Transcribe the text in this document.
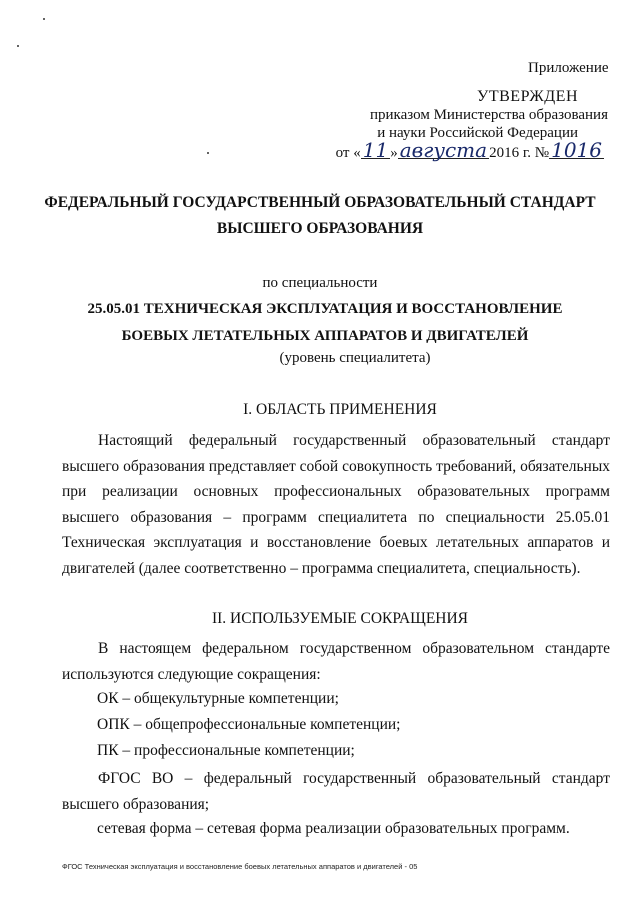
Приложение
УТВЕРЖДЕН
приказом Министерства образования
и науки Российской Федерации
от « 11 » августа 2016 г. № 1016
ФЕДЕРАЛЬНЫЙ ГОСУДАРСТВЕННЫЙ ОБРАЗОВАТЕЛЬНЫЙ СТАНДАРТ
ВЫСШЕГО ОБРАЗОВАНИЯ
по специальности
25.05.01 ТЕХНИЧЕСКАЯ ЭКСПЛУАТАЦИЯ И ВОССТАНОВЛЕНИЕ
БОЕВЫХ ЛЕТАТЕЛЬНЫХ АППАРАТОВ И ДВИГАТЕЛЕЙ
(уровень специалитета)
I. ОБЛАСТЬ ПРИМЕНЕНИЯ
Настоящий федеральный государственный образовательный стандарт высшего образования представляет собой совокупность требований, обязательных при реализации основных профессиональных образовательных программ высшего образования – программ специалитета по специальности 25.05.01 Техническая эксплуатация и восстановление боевых летательных аппаратов и двигателей (далее соответственно – программа специалитета, специальность).
II. ИСПОЛЬЗУЕМЫЕ СОКРАЩЕНИЯ
В настоящем федеральном государственном образовательном стандарте используются следующие сокращения:
ОК – общекультурные компетенции;
ОПК – общепрофессиональные компетенции;
ПК – профессиональные компетенции;
ФГОС ВО – федеральный государственный образовательный стандарт высшего образования;
сетевая форма – сетевая форма реализации образовательных программ.
ФГОС Техническая эксплуатация и восстановление боевых летательных аппаратов и двигателей - 05
